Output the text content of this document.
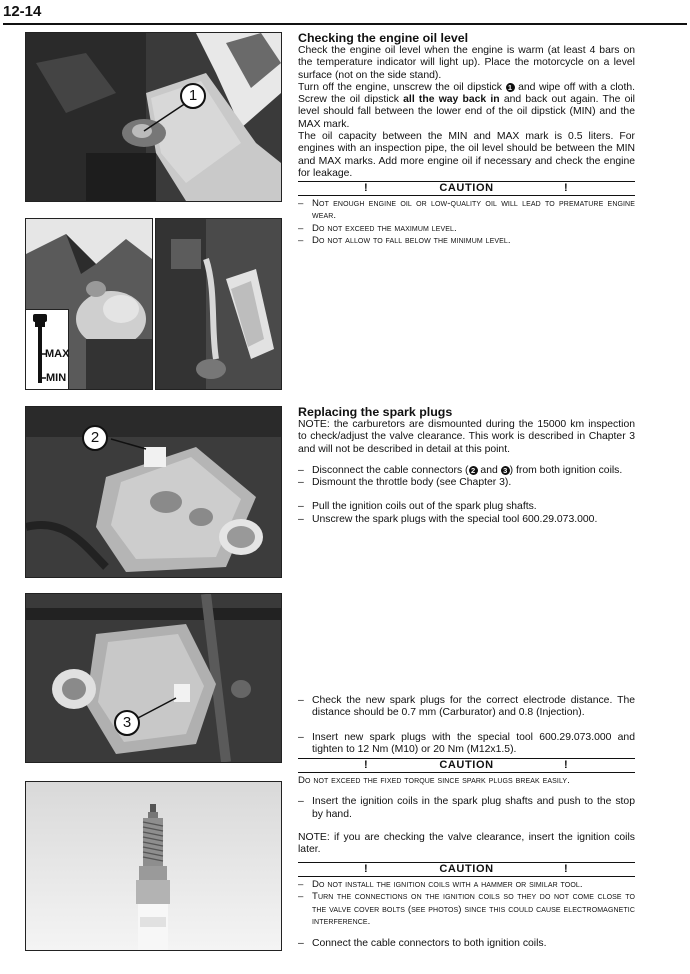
12-14
1
MAX
MIN
2
3
Checking the engine oil level

Check the engine oil level when the engine is warm (at least 4 bars on the temperature indicator will light up). Place the motorcycle on a level surface (not on the side stand).

Turn off the engine, unscrew the oil dipstick 1 and wipe off with a cloth. Screw the oil dipstick all the way back in and back out again. The oil level should fall between the lower end of the oil dipstick (MIN) and the MAX mark.

The oil capacity between the MIN and MAX mark is 0.5 liters. For engines with an inspection pipe, the oil level should be between the MIN and MAX marks. Add more engine oil if necessary and check the engine for leakage.

!	CAUTION	!

– Not enough engine oil or low-quality oil will lead to premature engine wear.

– Do not exceed the maximum level.

– Do not allow to fall below the minimum level.

Replacing the spark plugs

NOTE: the carburetors are dismounted during the 15000 km inspection to check/adjust the valve clearance. This work is described in Chapter 3 and will not be described in detail at this point.

– Disconnect the cable connectors ( 2 and 3 ) from both ignition coils.

– Dismount the throttle body (see Chapter 3).

– Pull the ignition coils out of the spark plug shafts.

– Unscrew the spark plugs with the special tool 600.29.073.000.

– Check the new spark plugs for the correct electrode distance. The distance should be 0.7 mm (Carburator) and 0.8 (Injection).

– Insert new spark plugs with the special tool 600.29.073.000 and tighten to 12 Nm (M10) or 20 Nm (M12x1.5).

!	CAUTION	!

Do not exceed the fixed torque since spark plugs break easily.

– Insert the ignition coils in the spark plug shafts and push to the stop by hand.

NOTE: if you are checking the valve clearance, insert the ignition coils later.

!	CAUTION	!

– Do not install the ignition coils with a hammer or similar tool.

– Turn the connections on the ignition coils so they do not come close to the valve cover bolts (see photos) since this could cause electromagnetic interference.

– Connect the cable connectors to both ignition coils.
